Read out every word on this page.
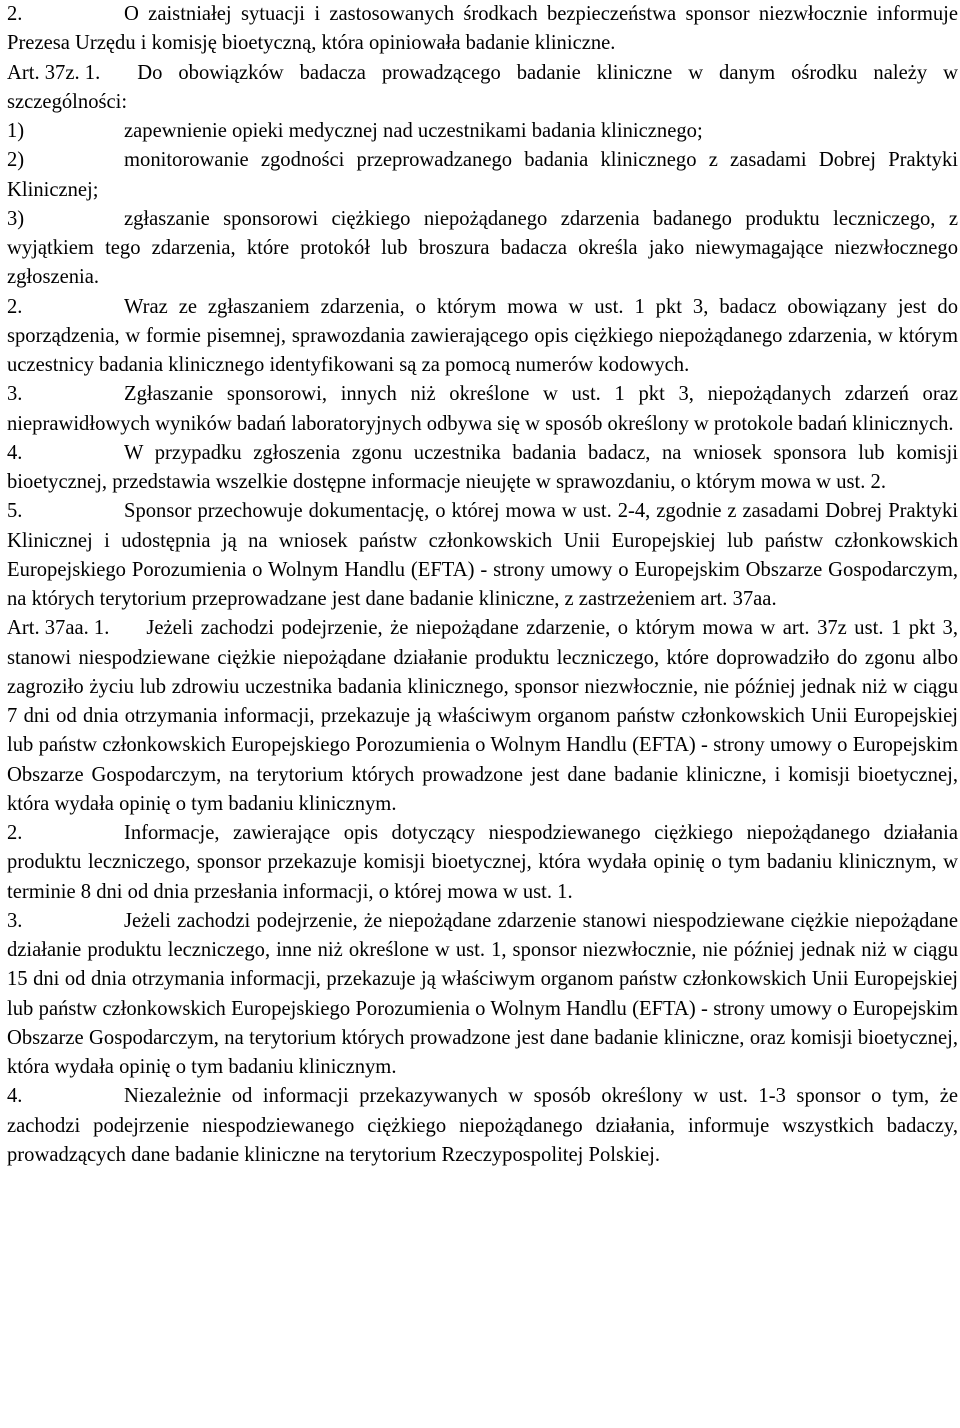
2.	O zaistniałej sytuacji i zastosowanych środkach bezpieczeństwa sponsor niezwłocznie informuje Prezesa Urzędu i komisję bioetyczną, która opiniowała badanie kliniczne.

Art. 37z. 1. Do obowiązków badacza prowadzącego badanie kliniczne w danym ośrodku należy w szczególności:

1)	zapewnienie opieki medycznej nad uczestnikami badania klinicznego;

2)	monitorowanie zgodności przeprowadzanego badania klinicznego z zasadami Dobrej Praktyki Klinicznej;

3)	zgłaszanie sponsorowi ciężkiego niepożądanego zdarzenia badanego produktu leczniczego, z wyjątkiem tego zdarzenia, które protokół lub broszura badacza określa jako niewymagające niezwłocznego zgłoszenia.

2.	Wraz ze zgłaszaniem zdarzenia, o którym mowa w ust. 1 pkt 3, badacz obowiązany jest do sporządzenia, w formie pisemnej, sprawozdania zawierającego opis ciężkiego niepożądanego zdarzenia, w którym uczestnicy badania klinicznego identyfikowani są za pomocą numerów kodowych.

3.	Zgłaszanie sponsorowi, innych niż określone w ust. 1 pkt 3, niepożądanych zdarzeń oraz nieprawidłowych wyników badań laboratoryjnych odbywa się w sposób określony w protokole badań klinicznych.

4.	W przypadku zgłoszenia zgonu uczestnika badania badacz, na wniosek sponsora lub komisji bioetycznej, przedstawia wszelkie dostępne informacje nieujęte w sprawozdaniu, o którym mowa w ust. 2.

5.	Sponsor przechowuje dokumentację, o której mowa w ust. 2-4, zgodnie z zasadami Dobrej Praktyki Klinicznej i udostępnia ją na wniosek państw członkowskich Unii Europejskiej lub państw członkowskich Europejskiego Porozumienia o Wolnym Handlu (EFTA) - strony umowy o Europejskim Obszarze Gospodarczym, na których terytorium przeprowadzane jest dane badanie kliniczne, z zastrzeżeniem art. 37aa.

Art. 37aa. 1. Jeżeli zachodzi podejrzenie, że niepożądane zdarzenie, o którym mowa w art. 37z ust. 1 pkt 3, stanowi niespodziewane ciężkie niepożądane działanie produktu leczniczego, które doprowadziło do zgonu albo zagroziło życiu lub zdrowiu uczestnika badania klinicznego, sponsor niezwłocznie, nie później jednak niż w ciągu 7 dni od dnia otrzymania informacji, przekazuje ją właściwym organom państw członkowskich Unii Europejskiej lub państw członkowskich Europejskiego Porozumienia o Wolnym Handlu (EFTA) - strony umowy o Europejskim Obszarze Gospodarczym, na terytorium których prowadzone jest dane badanie kliniczne, i komisji bioetycznej, która wydała opinię o tym badaniu klinicznym.

2.	Informacje, zawierające opis dotyczący niespodziewanego ciężkiego niepożądanego działania produktu leczniczego, sponsor przekazuje komisji bioetycznej, która wydała opinię o tym badaniu klinicznym, w terminie 8 dni od dnia przesłania informacji, o której mowa w ust. 1.

3.	Jeżeli zachodzi podejrzenie, że niepożądane zdarzenie stanowi niespodziewane ciężkie niepożądane działanie produktu leczniczego, inne niż określone w ust. 1, sponsor niezwłocznie, nie później jednak niż w ciągu 15 dni od dnia otrzymania informacji, przekazuje ją właściwym organom państw członkowskich Unii Europejskiej lub państw członkowskich Europejskiego Porozumienia o Wolnym Handlu (EFTA) - strony umowy o Europejskim Obszarze Gospodarczym, na terytorium których prowadzone jest dane badanie kliniczne, oraz komisji bioetycznej, która wydała opinię o tym badaniu klinicznym.

4.	Niezależnie od informacji przekazywanych w sposób określony w ust. 1-3 sponsor o tym, że zachodzi podejrzenie niespodziewanego ciężkiego niepożądanego działania, informuje wszystkich badaczy, prowadzących dane badanie kliniczne na terytorium Rzeczypospolitej Polskiej.
